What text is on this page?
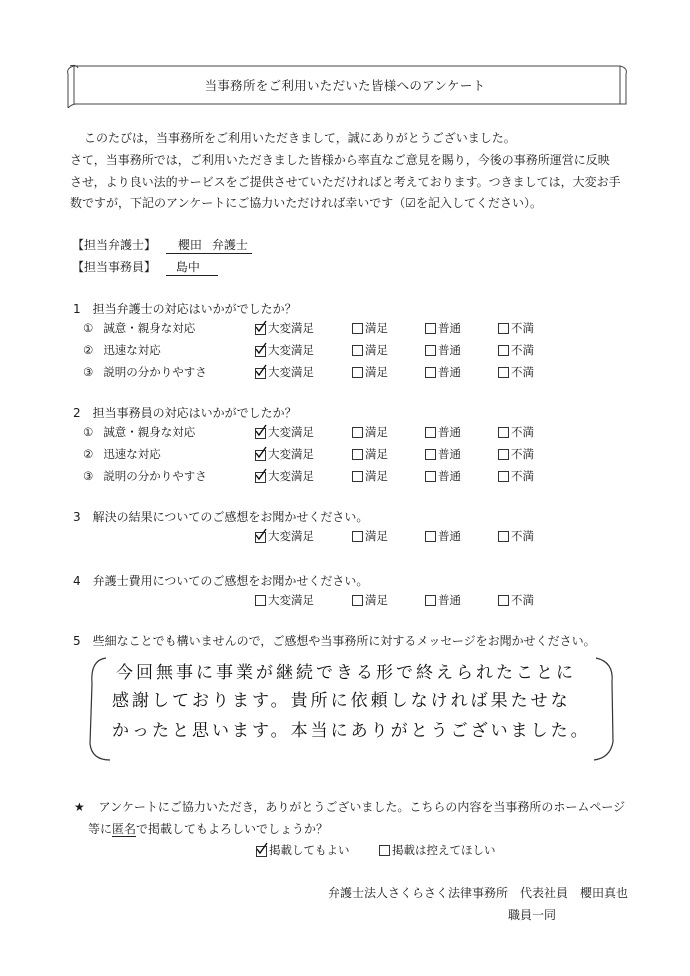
当事務所をご利用いただいた皆様へのアンケート
このたびは，当事務所をご利用いただきまして，誠にありがとうございました。
さて，当事務所では，ご利用いただきました皆様から率直なご意見を賜り，今後の事務所運営に反映
させ，より良い法的サービスをご提供させていただければと考えております。つきましては，大変お手
数ですが，下記のアンケートにご協力いただければ幸いです（☑を記入してください）。
【担当弁護士】 櫻田 弁護士
【担当事務員】 島中
1　担当弁護士の対応はいかがでしたか？
① 誠意・親身な対応	大変満足	満足	普通	不満
② 迅速な対応	大変満足	満足	普通	不満
③ 説明の分かりやすさ	大変満足	満足	普通	不満
2　担当事務員の対応はいかがでしたか？
① 誠意・親身な対応	大変満足	満足	普通	不満
② 迅速な対応	大変満足	満足	普通	不満
③ 説明の分かりやすさ	大変満足	満足	普通	不満
3　解決の結果についてのご感想をお聞かせください。
大変満足	満足	普通	不満
4　弁護士費用についてのご感想をお聞かせください。
大変満足	満足	普通	不満
5　些細なことでも構いませんので，ご感想や当事務所に対するメッセージをお聞かせください。
今回無事に事業が継続できる形で終えられたことに
感謝しております。貴所に依頼しなければ果たせな
かったと思います。本当にありがとうございました。
★ アンケートにご協力いただき，ありがとうございました。こちらの内容を当事務所のホームページ
等に匿名で掲載してもよろしいでしょうか？
掲載してもよい	掲載は控えてほしい
弁護士法人さくらさく法律事務所　代表社員　櫻田真也
職員一同
